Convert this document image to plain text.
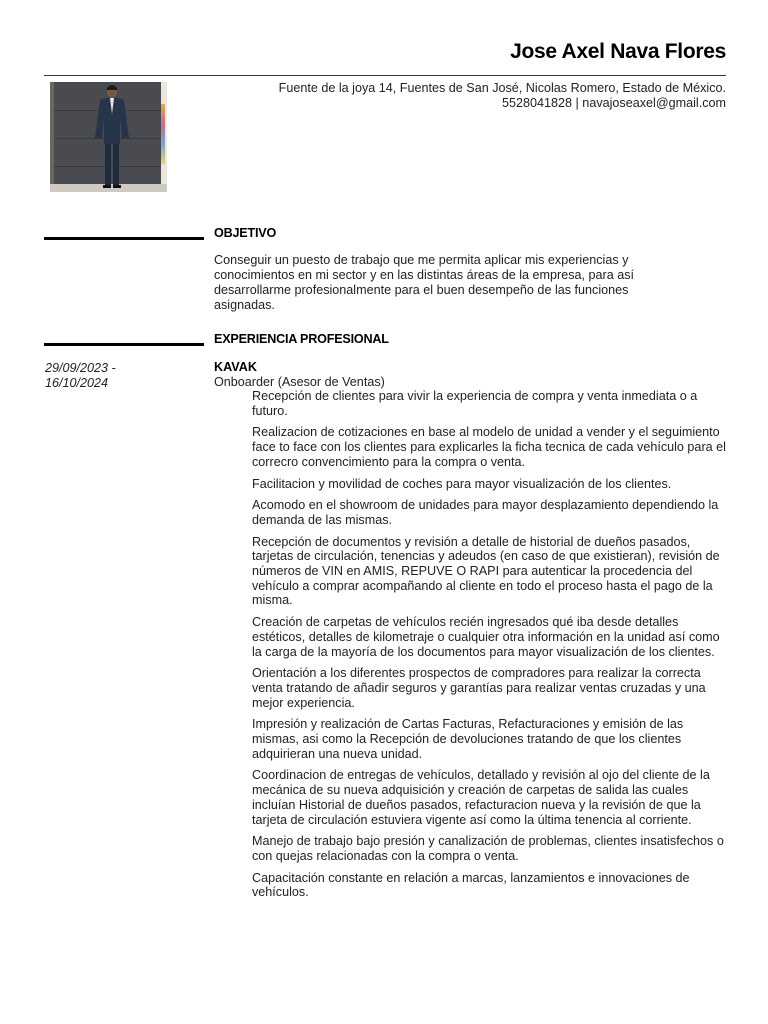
Jose Axel Nava Flores
Fuente de la joya 14, Fuentes de San José, Nicolas Romero, Estado de México.
5528041828 | navajoseaxel@gmail.com
OBJETIVO
Conseguir un puesto de trabajo que me permita aplicar mis experiencias y conocimientos en mi sector y en las distintas áreas de la empresa, para así desarrollarme profesionalmente para el buen desempeño de las funciones asignadas.
EXPERIENCIA PROFESIONAL
29/09/2023 -
16/10/2024
KAVAK
Onboarder (Asesor de Ventas)
Recepción de clientes para vivir la experiencia de compra y venta inmediata o a futuro.
Realizacion de cotizaciones en base al modelo de unidad a vender y el seguimiento face to face con los clientes para explicarles la ficha tecnica de cada vehículo para el correcro convencimiento para la compra o venta.
Facilitacion y movilidad de coches para mayor visualización de los clientes.
Acomodo en el showroom de unidades para mayor desplazamiento dependiendo la demanda de las mismas.
Recepción de documentos y revisión a detalle de historial de dueños pasados, tarjetas de circulación, tenencias y adeudos (en caso de que existieran), revisión de números de VIN en AMIS, REPUVE O RAPI para autenticar la procedencia del vehículo a comprar acompañando al cliente en todo el proceso hasta el pago de la misma.
Creación de carpetas de vehículos recién ingresados qué iba desde detalles estéticos, detalles de kilometraje o cualquier otra información en la unidad así como la carga de la mayoría de los documentos para mayor visualización de los clientes.
Orientación a los diferentes prospectos de compradores para realizar la correcta venta tratando de añadir seguros y garantías para realizar ventas cruzadas y una mejor experiencia.
Impresión y realización de Cartas Facturas, Refacturaciones y emisión de las mismas, asi como la Recepción de devoluciones tratando de que los clientes adquirieran una nueva unidad.
Coordinacion de entregas de vehículos, detallado y revisión al ojo del cliente de la mecánica de su nueva adquisición y creación de carpetas de salida las cuales incluían Historial de dueños pasados, refacturacion nueva y la revisión de que la tarjeta de circulación estuviera vigente así como la última tenencia al corriente.
Manejo de trabajo bajo presión y canalización de problemas, clientes insatisfechos o con quejas relacionadas con la compra o venta.
Capacitación constante en relación a marcas, lanzamientos e innovaciones de vehículos.
